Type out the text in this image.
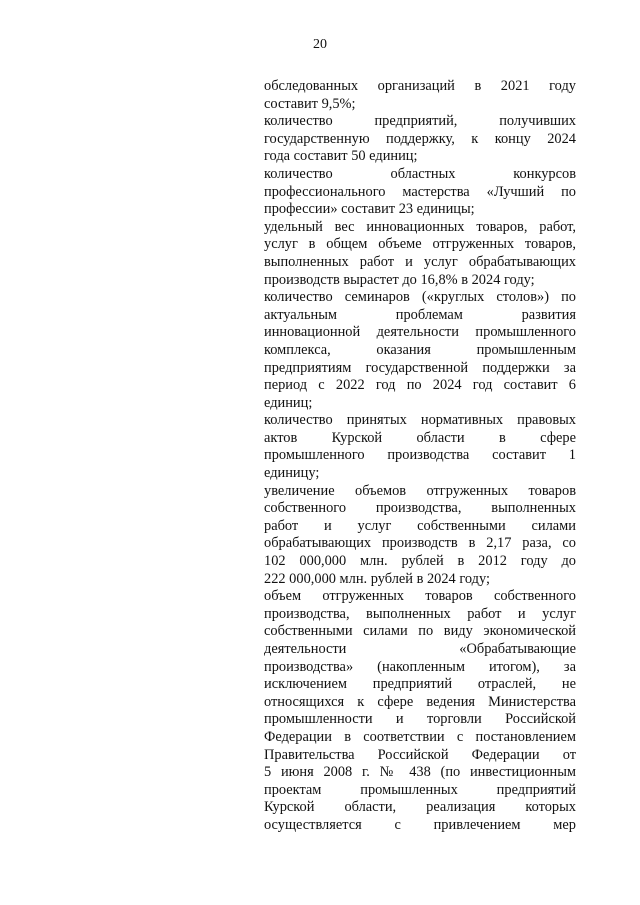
20
обследованных организаций в 2021 году
составит 9,5%;
количество предприятий, получивших
государственную поддержку, к концу 2024
года составит 50 единиц;
количество областных конкурсов
профессионального мастерства «Лучший по
профессии» составит 23 единицы;
удельный вес инновационных товаров, работ,
услуг в общем объеме отгруженных товаров,
выполненных работ и услуг обрабатывающих
производств вырастет до 16,8% в 2024 году;
количество семинаров («круглых столов») по
актуальным проблемам развития
инновационной деятельности промышленного
комплекса, оказания промышленным
предприятиям государственной поддержки за
период с 2022 год по 2024 год составит 6
единиц;
количество принятых нормативных правовых
актов Курской области в сфере
промышленного производства составит 1
единицу;
увеличение объемов отгруженных товаров
собственного производства, выполненных
работ и услуг собственными силами
обрабатывающих производств в 2,17 раза, со
102 000,000 млн. рублей в 2012 году до
222 000,000 млн. рублей в 2024 году;
объем отгруженных товаров собственного
производства, выполненных работ и услуг
собственными силами по виду экономической
деятельности «Обрабатывающие
производства» (накопленным итогом), за
исключением предприятий отраслей, не
относящихся к сфере ведения Министерства
промышленности и торговли Российской
Федерации в соответствии с постановлением
Правительства Российской Федерации от
5 июня 2008 г. № 438 (по инвестиционным
проектам промышленных предприятий
Курской области, реализация которых
осуществляется с привлечением мер
